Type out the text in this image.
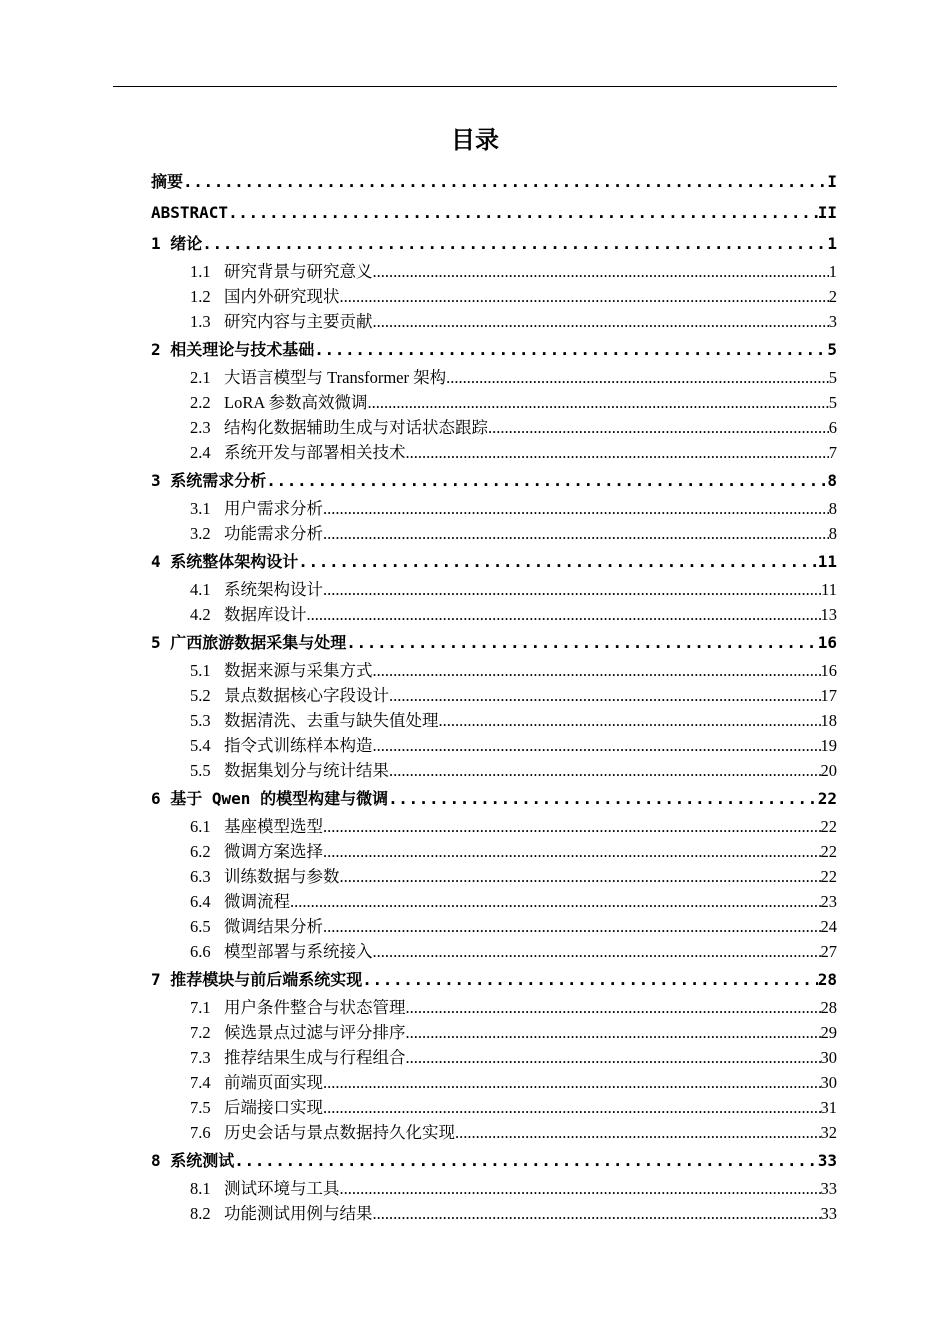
目录
摘要 .....	I
ABSTRACT .....	II
1 绪论 .....	1
1.1 研究背景与研究意义 .....	1
1.2 国内外研究现状 .....	2
1.3 研究内容与主要贡献 .....	3
2 相关理论与技术基础 .....	5
2.1 大语言模型与 Transformer 架构 .....	5
2.2 LoRA 参数高效微调 .....	5
2.3 结构化数据辅助生成与对话状态跟踪 .....	6
2.4 系统开发与部署相关技术 .....	7
3 系统需求分析 .....	8
3.1 用户需求分析 .....	8
3.2 功能需求分析 .....	8
4 系统整体架构设计 .....	11
4.1 系统架构设计 .....	11
4.2 数据库设计 .....	13
5 广西旅游数据采集与处理 .....	16
5.1 数据来源与采集方式 .....	16
5.2 景点数据核心字段设计 .....	17
5.3 数据清洗、去重与缺失值处理 .....	18
5.4 指令式训练样本构造 .....	19
5.5 数据集划分与统计结果 .....	20
6 基于 Qwen 的模型构建与微调 .....	22
6.1 基座模型选型 .....	22
6.2 微调方案选择 .....	22
6.3 训练数据与参数 .....	22
6.4 微调流程 .....	23
6.5 微调结果分析 .....	24
6.6 模型部署与系统接入 .....	27
7 推荐模块与前后端系统实现 .....	28
7.1 用户条件整合与状态管理 .....	28
7.2 候选景点过滤与评分排序 .....	29
7.3 推荐结果生成与行程组合 .....	30
7.4 前端页面实现 .....	30
7.5 后端接口实现 .....	31
7.6 历史会话与景点数据持久化实现 .....	32
8 系统测试 .....	33
8.1 测试环境与工具 .....	33
8.2 功能测试用例与结果 .....	33
